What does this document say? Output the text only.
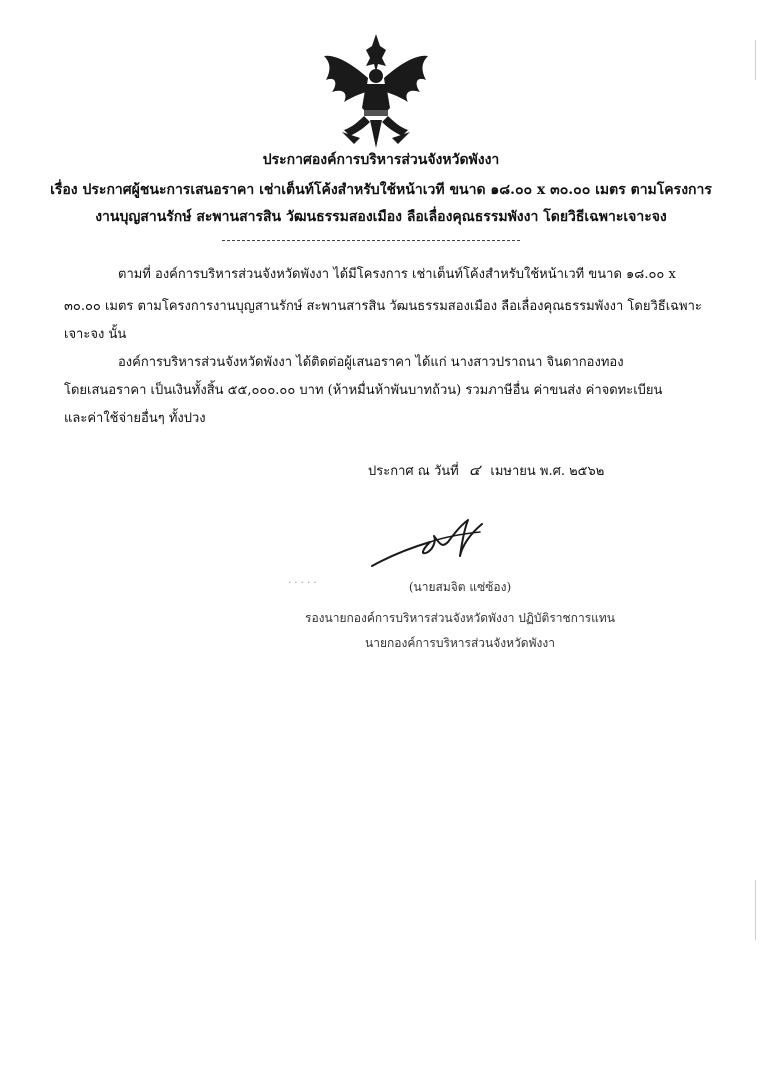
ประกาศองค์การบริหารส่วนจังหวัดพังงา
เรื่อง ประกาศผู้ชนะการเสนอราคา เช่าเต็นท์โค้งสำหรับใช้หน้าเวที ขนาด ๑๘.๐๐ x ๓๐.๐๐ เมตร ตามโครงการ
งานบุญสานรักษ์ สะพานสารสิน วัฒนธรรมสองเมือง ลือเลื่องคุณธรรมพังงา โดยวิธีเฉพาะเจาะจง
ตามที่ องค์การบริหารส่วนจังหวัดพังงา ได้มีโครงการ เช่าเต็นท์โค้งสำหรับใช้หน้าเวที ขนาด ๑๘.๐๐ x
๓๐.๐๐ เมตร ตามโครงการงานบุญสานรักษ์ สะพานสารสิน วัฒนธรรมสองเมือง ลือเลื่องคุณธรรมพังงา โดยวิธีเฉพาะ
เจาะจง นั้น
องค์การบริหารส่วนจังหวัดพังงา ได้ติดต่อผู้เสนอราคา ได้แก่ นางสาวปราถนา จินดากองทอง
โดยเสนอราคา เป็นเงินทั้งสิ้น ๕๕,๐๐๐.๐๐ บาท (ห้าหมื่นห้าพันบาทถ้วน) รวมภาษีอื่น ค่าขนส่ง ค่าจดทะเบียน
และค่าใช้จ่ายอื่นๆ ทั้งปวง
ประกาศ ณ วันที่ ๔ เมษายน พ.ศ. ๒๕๖๒
· · · · ·	(นายสมจิต แซ่ซ้อง)
รองนายกองค์การบริหารส่วนจังหวัดพังงา ปฏิบัติราชการแทน
นายกองค์การบริหารส่วนจังหวัดพังงา
